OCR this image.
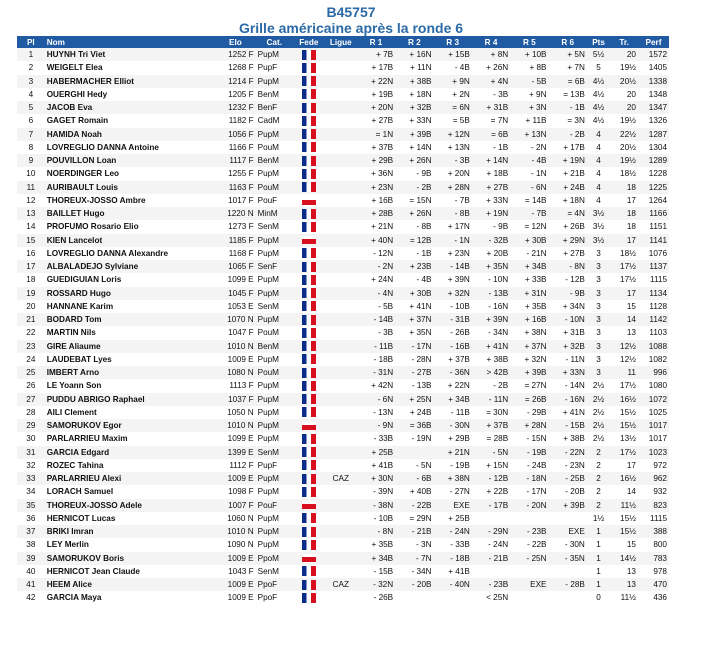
B45757
Grille américaine après la ronde 6
Pl	Nom	Elo	Cat.	Fede	Ligue	R 1	R 2	R 3	R 4	R 5	R 6	Pts	Tr.	Perf
1	HUYNH Tri Viet	1252 F	PupM			+ 7B	+ 16N	+ 15B	+ 8N	+ 10B	+ 5N	5½	20	1572
2	WEIGELT Elea	1268 F	PupF			+ 17B	+ 11N	- 4B	+ 26N	+ 8B	+ 7N	5	19½	1405
3	HABERMACHER Elliot	1214 F	PupM			+ 22N	+ 38B	+ 9N	+ 4N	- 5B	= 6B	4½	20½	1338
4	OUERGHI Hedy	1205 F	BenM			+ 19B	+ 18N	+ 2N	- 3B	+ 9N	= 13B	4½	20	1348
5	JACOB Eva	1232 F	BenF			+ 20N	+ 32B	= 6N	+ 31B	+ 3N	- 1B	4½	20	1347
6	GAGET Romain	1182 F	CadM			+ 27B	+ 33N	= 5B	= 7N	+ 11B	= 3N	4½	19½	1326
7	HAMIDA Noah	1056 F	PupM			= 1N	+ 39B	+ 12N	= 6B	+ 13N	- 2B	4	22½	1287
8	LOVREGLIO DANNA Antoine	1166 F	PouM			+ 37B	+ 14N	+ 13N	- 1B	- 2N	+ 17B	4	20½	1304
9	POUVILLON Loan	1117 F	BenM			+ 29B	+ 26N	- 3B	+ 14N	- 4B	+ 19N	4	19½	1289
10	NOERDINGER Leo	1255 F	PupM			+ 36N	- 9B	+ 20N	+ 18B	- 1N	+ 21B	4	18½	1228
11	AURIBAULT Louis	1163 F	PouM			+ 23N	- 2B	+ 28N	+ 27B	- 6N	+ 24B	4	18	1225
12	THOREUX-JOSSO Ambre	1017 F	PouF			+ 16B	= 15N	- 7B	+ 33N	= 14B	+ 18N	4	17	1264
13	BAILLET Hugo	1220 N	MinM			+ 28B	+ 26N	- 8B	+ 19N	- 7B	= 4N	3½	18	1166
14	PROFUMO Rosario Elio	1273 F	SenM			+ 21N	- 8B	+ 17N	- 9B	= 12N	+ 26B	3½	18	1151
15	KIEN Lancelot	1185 F	PupM			+ 40N	= 12B	- 1N	- 32B	+ 30B	+ 29N	3½	17	1141
16	LOVREGLIO DANNA Alexandre	1168 F	PupM			- 12N	- 1B	+ 23N	+ 20B	- 21N	+ 27B	3	18½	1076
17	ALBALADEJO Sylviane	1065 F	SenF			- 2N	+ 23B	- 14B	+ 35N	+ 34B	- 8N	3	17½	1137
18	GUEDIGUIAN Loris	1099 E	PupM			+ 24N	- 4B	+ 39N	- 10N	+ 33B	- 12B	3	17½	1115
19	ROSSARD Hugo	1045 F	PupM			- 4N	+ 30B	+ 32N	- 13B	+ 31N	- 9B	3	17	1134
20	HANNANE Karim	1053 E	SenM			- 5B	+ 41N	- 10B	- 16N	+ 35B	+ 34N	3	15	1128
21	BODARD Tom	1070 N	PupM			- 14B	+ 37N	- 31B	+ 39N	+ 16B	- 10N	3	14	1142
22	MARTIN Nils	1047 F	PouM			- 3B	+ 35N	- 26B	- 34N	+ 38N	+ 31B	3	13	1103
23	GIRE Aliaume	1010 N	BenM			- 11B	- 17N	- 16B	+ 41N	+ 37N	+ 32B	3	12½	1088
24	LAUDEBAT Lyes	1009 E	PupM			- 18B	- 28N	+ 37B	+ 38B	+ 32N	- 11N	3	12½	1082
25	IMBERT Arno	1080 N	PouM			- 31N	- 27B	- 36N	> 42B	+ 39B	+ 33N	3	11	996
26	LE Yoann Son	1113 F	PupM			+ 42N	- 13B	+ 22N	- 2B	= 27N	- 14N	2½	17½	1080
27	PUDDU ABRIGO Raphael	1037 F	PupM			- 6N	+ 25N	+ 34B	- 11N	= 26B	- 16N	2½	16½	1072
28	AILI Clement	1050 N	PupM			- 13N	+ 24B	- 11B	= 30N	- 29B	+ 41N	2½	15½	1025
29	SAMORUKOV Egor	1010 N	PupM			- 9N	= 36B	- 30N	+ 37B	+ 28N	- 15B	2½	15½	1017
30	PARLARRIEU Maxim	1099 E	PupM			- 33B	- 19N	+ 29B	= 28B	- 15N	+ 38B	2½	13½	1017
31	GARCIA Edgard	1399 E	SenM			+ 25B		+ 21N	- 5N	- 19B	- 22N	2	17½	1023
32	ROZEC Tahina	1112 F	PupF			+ 41B	- 5N	- 19B	+ 15N	- 24B	- 23N	2	17	972
33	PARLARRIEU Alexi	1009 E	PupM		CAZ	+ 30N	- 6B	+ 38N	- 12B	- 18N	- 25B	2	16½	962
34	LORACH Samuel	1098 F	PupM			- 39N	+ 40B	- 27N	+ 22B	- 17N	- 20B	2	14	932
35	THOREUX-JOSSO Adele	1007 F	PouF			- 38N	- 22B	EXE	- 17B	- 20N	+ 39B	2	11½	823
36	HERNICOT Lucas	1060 N	PupM			- 10B	= 29N	+ 25B				1½	15½	1115
37	BRIKI Imran	1010 N	PupM			- 8N	- 21B	- 24N	- 29N	- 23B	EXE	1	15½	388
38	LEY Merlin	1090 N	PupM			+ 35B	- 3N	- 33B	- 24N	- 22B	- 30N	1	15	800
39	SAMORUKOV Boris	1009 E	PpoM			+ 34B	- 7N	- 18B	- 21B	- 25N	- 35N	1	14½	783
40	HERNICOT Jean Claude	1043 F	SenM			- 15B	- 34N	+ 41B				1	13	978
41	HEEM Alice	1009 E	PpoF		CAZ	- 32N	- 20B	- 40N	- 23B	EXE	- 28B	1	13	470
42	GARCIA Maya	1009 E	PpoF			- 26B			< 25N			0	11½	436
